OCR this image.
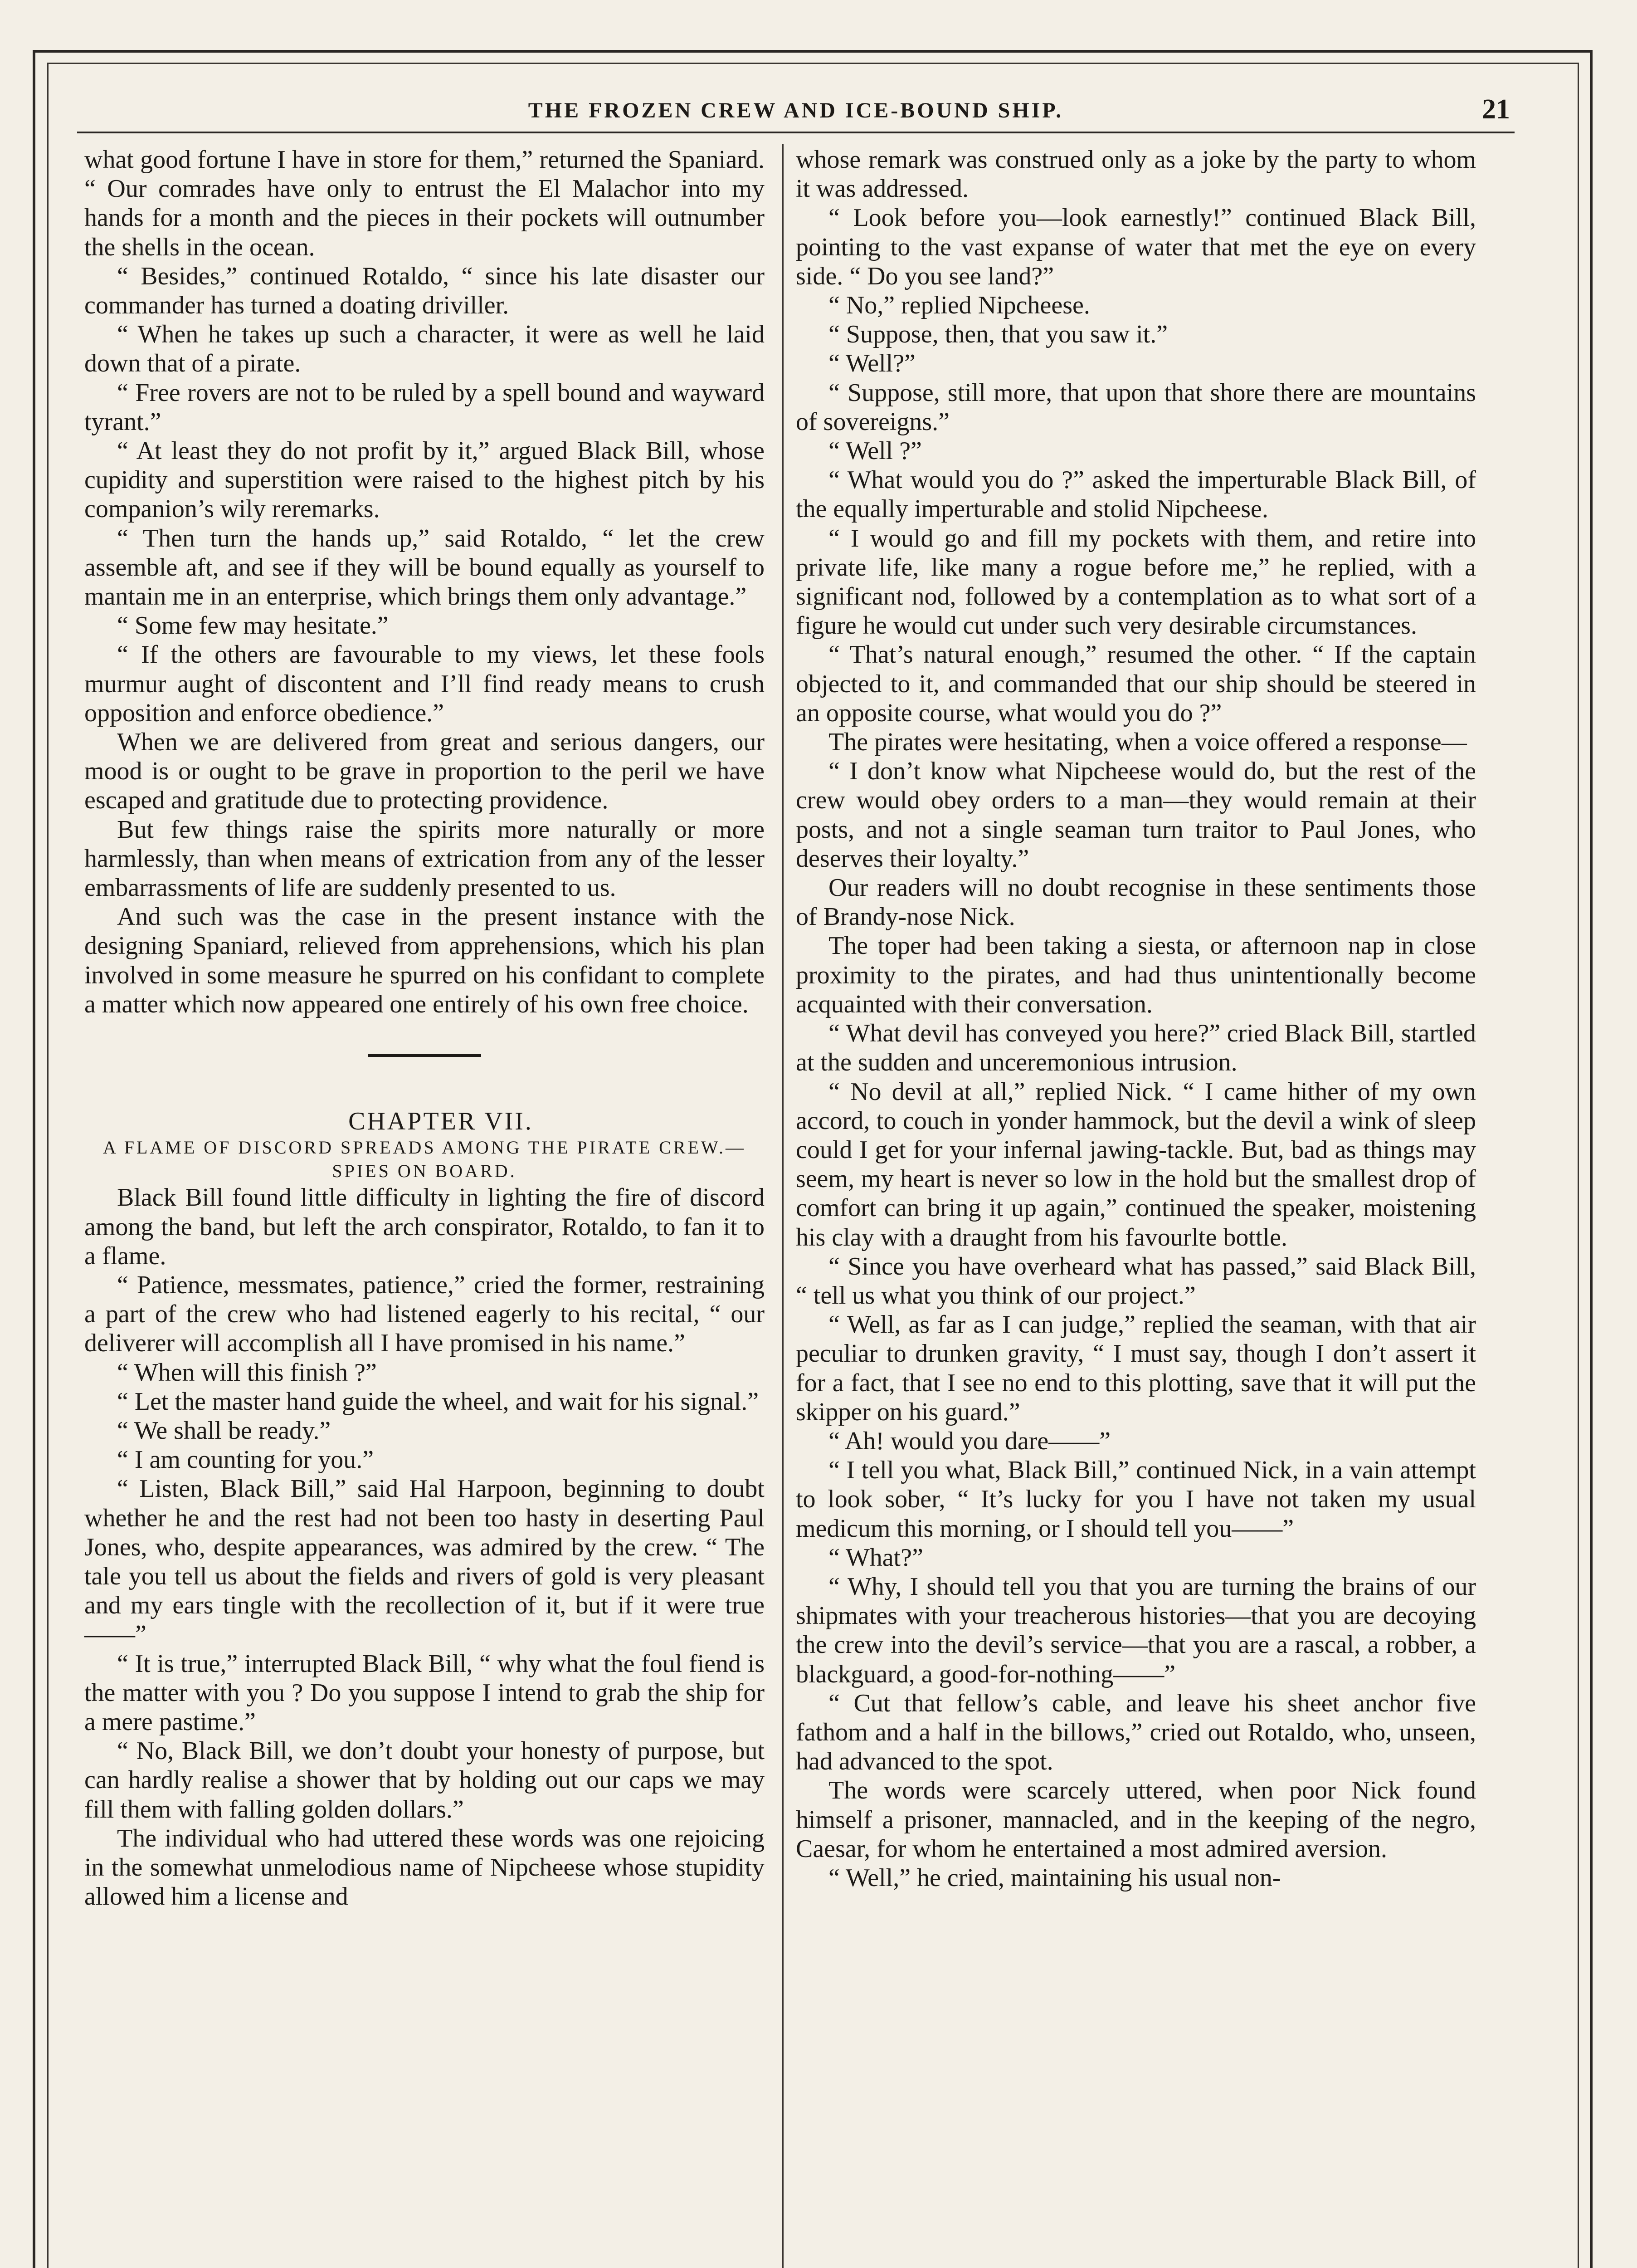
THE FROZEN CREW AND ICE-BOUND SHIP.	21

what good fortune I have in store for them,” returned the Spaniard. “ Our comrades have only to entrust the El Malachor into my hands for a month and the pieces in their pockets will outnumber the shells in the ocean.

“ Besides,” continued Rotaldo, “ since his late disaster our commander has turned a doating driviller.

“ When he takes up such a character, it were as well he laid down that of a pirate.

“ Free rovers are not to be ruled by a spell bound and wayward tyrant.”

“ At least they do not profit by it,” argued Black Bill, whose cupidity and superstition were raised to the highest pitch by his companion’s wily reremarks.

“ Then turn the hands up,” said Rotaldo, “ let the crew assemble aft, and see if they will be bound equally as yourself to mantain me in an enterprise, which brings them only advantage.”

“ Some few may hesitate.”

“ If the others are favourable to my views, let these fools murmur aught of discontent and I’ll find ready means to crush opposition and enforce obedience.”

When we are delivered from great and serious dangers, our mood is or ought to be grave in proportion to the peril we have escaped and gratitude due to protecting providence.

But few things raise the spirits more naturally or more harmlessly, than when means of extrication from any of the lesser embarrassments of life are suddenly presented to us.

And such was the case in the present instance with the designing Spaniard, relieved from apprehensions, which his plan involved in some measure he spurred on his confidant to complete a matter which now appeared one entirely of his own free choice.

CHAPTER VII.

A FLAME OF DISCORD SPREADS AMONG THE PIRATE CREW.—SPIES ON BOARD.

Black Bill found little difficulty in lighting the fire of discord among the band, but left the arch conspirator, Rotaldo, to fan it to a flame.

“ Patience, messmates, patience,” cried the former, restraining a part of the crew who had listened eagerly to his recital, “ our deliverer will accomplish all I have promised in his name.”

“ When will this finish ?”

“ Let the master hand guide the wheel, and wait for his signal.”

“ We shall be ready.”

“ I am counting for you.”

“ Listen, Black Bill,” said Hal Harpoon, beginning to doubt whether he and the rest had not been too hasty in deserting Paul Jones, who, despite appearances, was admired by the crew. “ The tale you tell us about the fields and rivers of gold is very pleasant and my ears tingle with the recollection of it, but if it were true——”

“ It is true,” interrupted Black Bill, “ why what the foul fiend is the matter with you ? Do you suppose I intend to grab the ship for a mere pastime.”

“ No, Black Bill, we don’t doubt your honesty of purpose, but can hardly realise a shower that by holding out our caps we may fill them with falling golden dollars.”

The individual who had uttered these words was one rejoicing in the somewhat unmelodious name of Nipcheese whose stupidity allowed him a license and

whose remark was construed only as a joke by the party to whom it was addressed.

“ Look before you—look earnestly!” continued Black Bill, pointing to the vast expanse of water that met the eye on every side. “ Do you see land?”

“ No,” replied Nipcheese.

“ Suppose, then, that you saw it.”

“ Well?”

“ Suppose, still more, that upon that shore there are mountains of sovereigns.”

“ Well ?”

“ What would you do ?” asked the imperturable Black Bill, of the equally imperturable and stolid Nipcheese.

“ I would go and fill my pockets with them, and retire into private life, like many a rogue before me,” he replied, with a significant nod, followed by a contemplation as to what sort of a figure he would cut under such very desirable circumstances.

“ That’s natural enough,” resumed the other. “ If the captain objected to it, and commanded that our ship should be steered in an opposite course, what would you do ?”

The pirates were hesitating, when a voice offered a response—

“ I don’t know what Nipcheese would do, but the rest of the crew would obey orders to a man—they would remain at their posts, and not a single seaman turn traitor to Paul Jones, who deserves their loyalty.”

Our readers will no doubt recognise in these sentiments those of Brandy-nose Nick.

The toper had been taking a siesta, or afternoon nap in close proximity to the pirates, and had thus unintentionally become acquainted with their conversation.

“ What devil has conveyed you here?” cried Black Bill, startled at the sudden and unceremonious intrusion.

“ No devil at all,” replied Nick. “ I came hither of my own accord, to couch in yonder hammock, but the devil a wink of sleep could I get for your infernal jawing-tackle. But, bad as things may seem, my heart is never so low in the hold but the smallest drop of comfort can bring it up again,” continued the speaker, moistening his clay with a draught from his favourlte bottle.

“ Since you have overheard what has passed,” said Black Bill, “ tell us what you think of our project.”

“ Well, as far as I can judge,” replied the seaman, with that air peculiar to drunken gravity, “ I must say, though I don’t assert it for a fact, that I see no end to this plotting, save that it will put the skipper on his guard.”

“ Ah! would you dare——”

“ I tell you what, Black Bill,” continued Nick, in a vain attempt to look sober, “ It’s lucky for you I have not taken my usual medicum this morning, or I should tell you——”

“ What?”

“ Why, I should tell you that you are turning the brains of our shipmates with your treacherous histories—that you are decoying the crew into the devil’s service—that you are a rascal, a robber, a blackguard, a good-for-nothing——”

“ Cut that fellow’s cable, and leave his sheet anchor five fathom and a half in the billows,” cried out Rotaldo, who, unseen, had advanced to the spot.

The words were scarcely uttered, when poor Nick found himself a prisoner, mannacled, and in the keeping of the negro, Caesar, for whom he entertained a most admired aversion.

“ Well,” he cried, maintaining his usual non-
